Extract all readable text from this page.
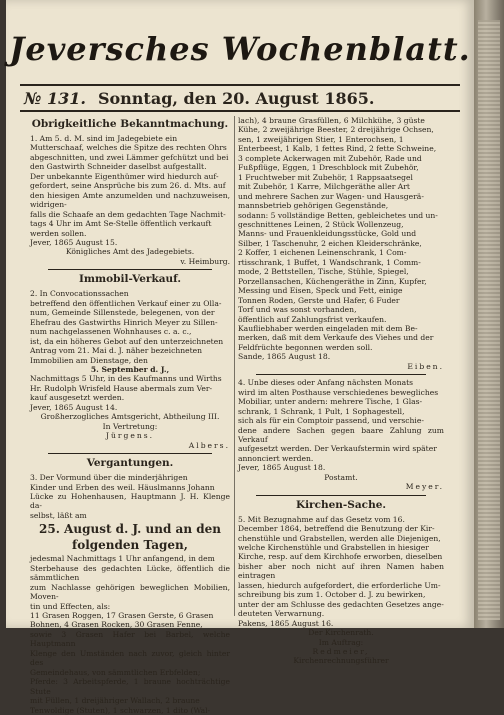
Jeversches Wochenblatt.
№ 131. Sonntag, den 20. August 1865.
Obrigkeitliche Bekanntmachung.
1. Am 5. d. M. sind im Jadegebiete ein
Mutterschaaf, welches die Spitze des rechten Ohrs
abgeschnitten, und zwei Lämmer gefchützt und bei
den Gastwirth Schneider daselbst aufgestallt.
Der unbekannte Eigenthümer wird hiedurch auf-
gefordert, seine Ansprüche bis zum 26. d. Mts. auf
den hiesigen Amte anzumelden und nachzuweisen, widrigen-
falls die Schaafe an dem gedachten Tage Nachmit-
tags 4 Uhr im Amt Se-Stelle öffentlich verkauft
werden sollen.
Jever, 1865 August 15.
Königliches Amt des Jadegebiets.
v. Heimburg.
Immobil-Verkauf.
2. In Convocationssachen
betreffend den öffentlichen Verkauf einer zu Olla-
num, Gemeinde Sillenstede, belegenen, von der
Ehefrau des Gastwirths Hinrich Meyer zu Sillen-
num nachgelassenen Wohnhauses c. a. c.,
ist, da ein höheres Gebot auf den unterzeichneten
Antrag vom 21. Mai d. J. näher bezeichneten
Immobilien am Dienstage, den
5. September d. J.,
Nachmittags 5 Uhr, in des Kaufmanns und Wirths
Hr. Rudolph Wrisfeld Hause abermals zum Ver-
kauf ausgesetzt werden.
Jever, 1865 August 14.
Großherzogliches Amtsgericht, Abtheilung III.
In Vertretung:
Jürgens.
Albers.
Vergantungen.
3. Der Vormund über die minderjährigen
Kinder und Erben des weil. Häuslmanns Johann
Lücke zu Hohenhausen, Hauptmann J. H. Klenge da-
selbst, läßt am
25. August d. J. und an den
folgenden Tagen,
jedesmal Nachmittags 1 Uhr anfangend, in dem
Sterbehause des gedachten Lücke, öffentlich die sämmtlichen
zum Nachlasse gehörigen beweglichen Mobilien, Moven-
tin und Effecten, als:
11 Grasen Roggen, 17 Grasen Gerste, 6 Grasen
Bohnen, 4 Grasen Rocken, 30 Grasen Fenne,
sowie 3 Grasen Hafer bei Barbel, welche Hauptmann
Klenge den Umständen nach zuvor, gleich hinter des
Gemeindehaus, von sämmtlichen Erbfelden;
Pferde: 3 Arbeitspferde, 1 braune hochträchtige Stute
mit Füllen, 1 dreijähriger Wallach, 2 braune
Tenwoldige (Stuten), 1 schwarzen, 1 dito (Wal-
lach), 4 braune Grasfüllen, 6 Milchkühe, 3 güste
Kühe, 2 zweijährige Beester, 2 dreijährige Ochsen,
sen, 1 zweijährigen Stier, 1 Enterochsen, 1
Enterbeest, 1 Kalb, 1 fettes Rind, 2 fette Schweine,
3 complete Ackerwagen mit Zubehör, Rade und
Fußpflüge, Eggen, 1 Dreschblock mit Zubehör,
1 Fruchtweber mit Zubehör, 1 Rappsaatsegel
mit Zubehör, 1 Karre, Milchgeräthe aller Art
und mehrere Sachen zur Wagen- und Hausgerä-
mannsbetrieb gehörigen Gegenstände,
sodann: 5 vollständige Betten, gebleichetes und un-
geschnittenes Leinen, 2 Stück Wollenzeug,
Manns- und Frauenkleidungsstücke, Gold und
Silber, 1 Taschenuhr, 2 eichen Kleiderschränke,
2 Koffer, 1 eichenen Leinenschrank, 1 Com-
rtisschrank, 1 Buffet, 1 Wandschrank, 1 Comm-
mode, 2 Bettstellen, Tische, Stühle, Spiegel,
Porzellansachen, Küchengeräthe in Zinn, Kupfer,
Messing und Eisen, Speck und Fett, einige
Tonnen Roden, Gerste und Hafer, 6 Fuder
Torf und was sonst vorhanden,
öffentlich auf Zahlungsfrist verkaufen.
Kaufliebhaber werden eingeladen mit dem Be-
merken, daß mit dem Verkaufe des Viehes und der
Feldfrüchte begonnen werden soll.
Sande, 1865 August 18.
Eiben.
4. Unbe dieses oder Anfang nächsten Monats
wird im alten Posthause verschiedenes bewegliches
Mobiliar, unter andern: mehrere Tische, 1 Glas-
schrank, 1 Schrank, 1 Pult, 1 Sophagestell,
sich als für ein Comptoir passend, und verschie-
dene andere Sachen gegen baare Zahlung zum Verkauf
aufgesetzt werden. Der Verkaufstermin wird später
annonciert werden.
Jever, 1865 August 18.
Postamt.
Meyer.
Kirchen-Sache.
5. Mit Bezugnahme auf das Gesetz vom 16.
December 1864, betreffend die Benutzung der Kir-
chenstühle und Grabstellen, werden alle Diejenigen,
welche Kirchenstühle und Grabstellen in hiesiger
Kirche, resp. auf dem Kirchhofe erworben, dieselben
bisher aber noch nicht auf ihren Namen haben eintragen
lassen, hiedurch aufgefordert, die erforderliche Um-
schreibung bis zum 1. October d. J. zu bewirken,
unter der am Schlusse des gedachten Gesetzes ange-
deuteten Verwarnung.
Pakens, 1865 August 16.
Der Kirchenrath.
Im Auftrag:
Redmeier,
Kirchenrechnungsführer
